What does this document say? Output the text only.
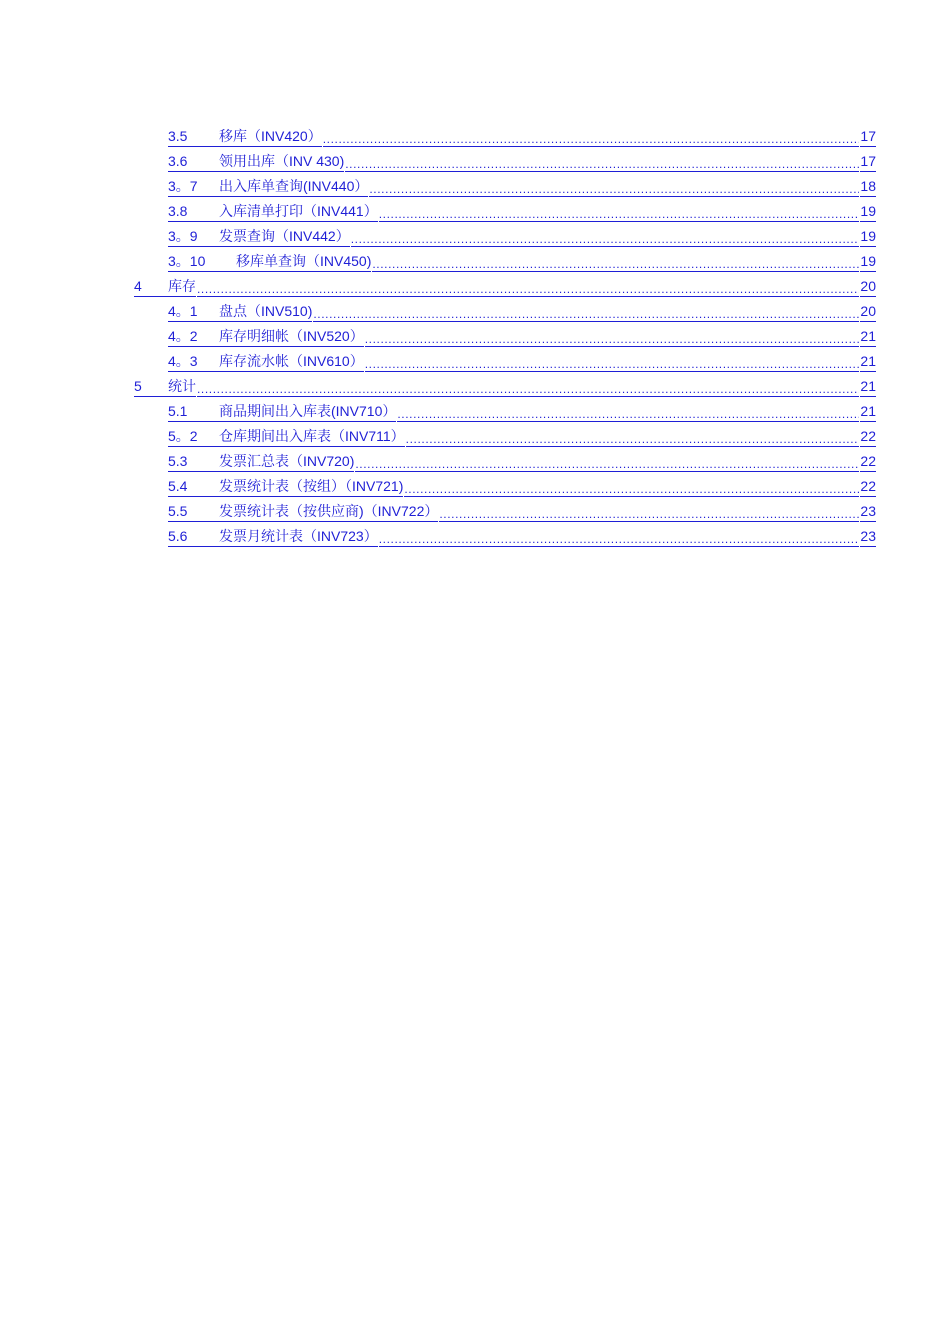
3.5	移库（INV420） .....	17
3.6	领用出库（INV 430) .....	17
3。7	出入库单查询(INV440） .....	18
3.8	入库清单打印（INV441） .....	19
3。9	发票查询（INV442） .....	19
3。10	移库单查询（INV450) .....	19
4	库存 .....	20
4。1	盘点（INV510) .....	20
4。2	库存明细帐（INV520） .....	21
4。3	库存流水帐（INV610） .....	21
5	统计 .....	21
5.1	商品期间出入库表(INV710） .....	21
5。2	仓库期间出入库表（INV711） .....	22
5.3	发票汇总表（INV720) .....	22
5.4	发票统计表（按组）（INV721) .....	22
5.5	发票统计表（按供应商)（INV722） .....	23
5.6	发票月统计表（INV723） .....	23
